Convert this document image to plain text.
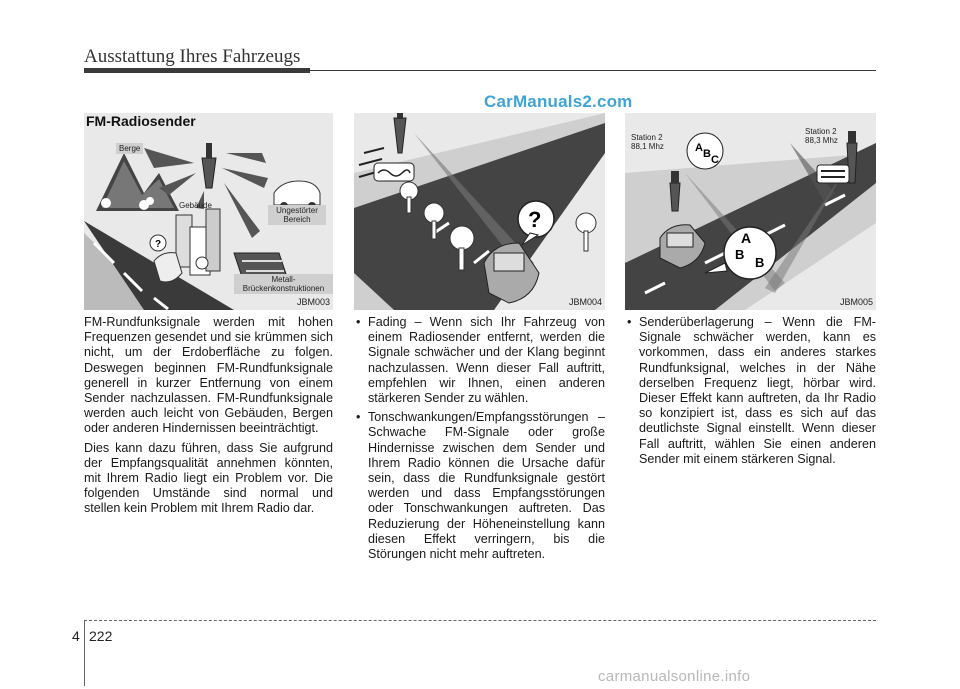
Ausstattung Ihres Fahrzeugs
CarManuals2.com
?
FM-Radiosender
Berge
Gebäude
Ungestörter Bereich
Metall- Brückenkonstruktionen
JBM003
?
JBM004
A B C
A
B
B
Station 2
88,1 Mhz
Station 2
88,3 Mhz
JBM005

FM-Rundfunksignale werden mit hohen Frequenzen gesendet und sie krümmen sich nicht, um der Erdoberfläche zu folgen. Deswegen beginnen FM-Rundfunksignale generell in kurzer Entfernung von einem Sender nachzulassen. FM-Rundfunksignale werden auch leicht von Gebäuden, Bergen oder anderen Hindernissen beeinträchtigt.

Dies kann dazu führen, dass Sie aufgrund der Empfangsqualität annehmen könnten, mit Ihrem Radio liegt ein Problem vor. Die folgenden Umstände sind normal und stellen kein Problem mit Ihrem Radio dar.

• Fading – Wenn sich Ihr Fahrzeug von einem Radiosender entfernt, werden die Signale schwächer und der Klang beginnt nachzulassen. Wenn dieser Fall auftritt, empfehlen wir Ihnen, einen anderen stärkeren Sender zu wählen.
• Tonschwankungen/Empfangsstörungen – Schwache FM-Signale oder große Hindernisse zwischen dem Sender und Ihrem Radio können die Ursache dafür sein, dass die Rundfunksignale gestört werden und dass Empfangsstörungen oder Tonschwankungen auftreten. Das Reduzierung der Höheneinstellung kann diesen Effekt verringern, bis die Störungen nicht mehr auftreten.
• Senderüberlagerung – Wenn die FM-Signale schwächer werden, kann es vorkommen, dass ein anderes starkes Rundfunksignal, welches in der Nähe derselben Frequenz liegt, hörbar wird. Dieser Effekt kann auftreten, da Ihr Radio so konzipiert ist, dass es sich auf das deutlichste Signal einstellt. Wenn dieser Fall auftritt, wählen Sie einen anderen Sender mit einem stärkeren Signal.
4 222
carmanualsonline.info
